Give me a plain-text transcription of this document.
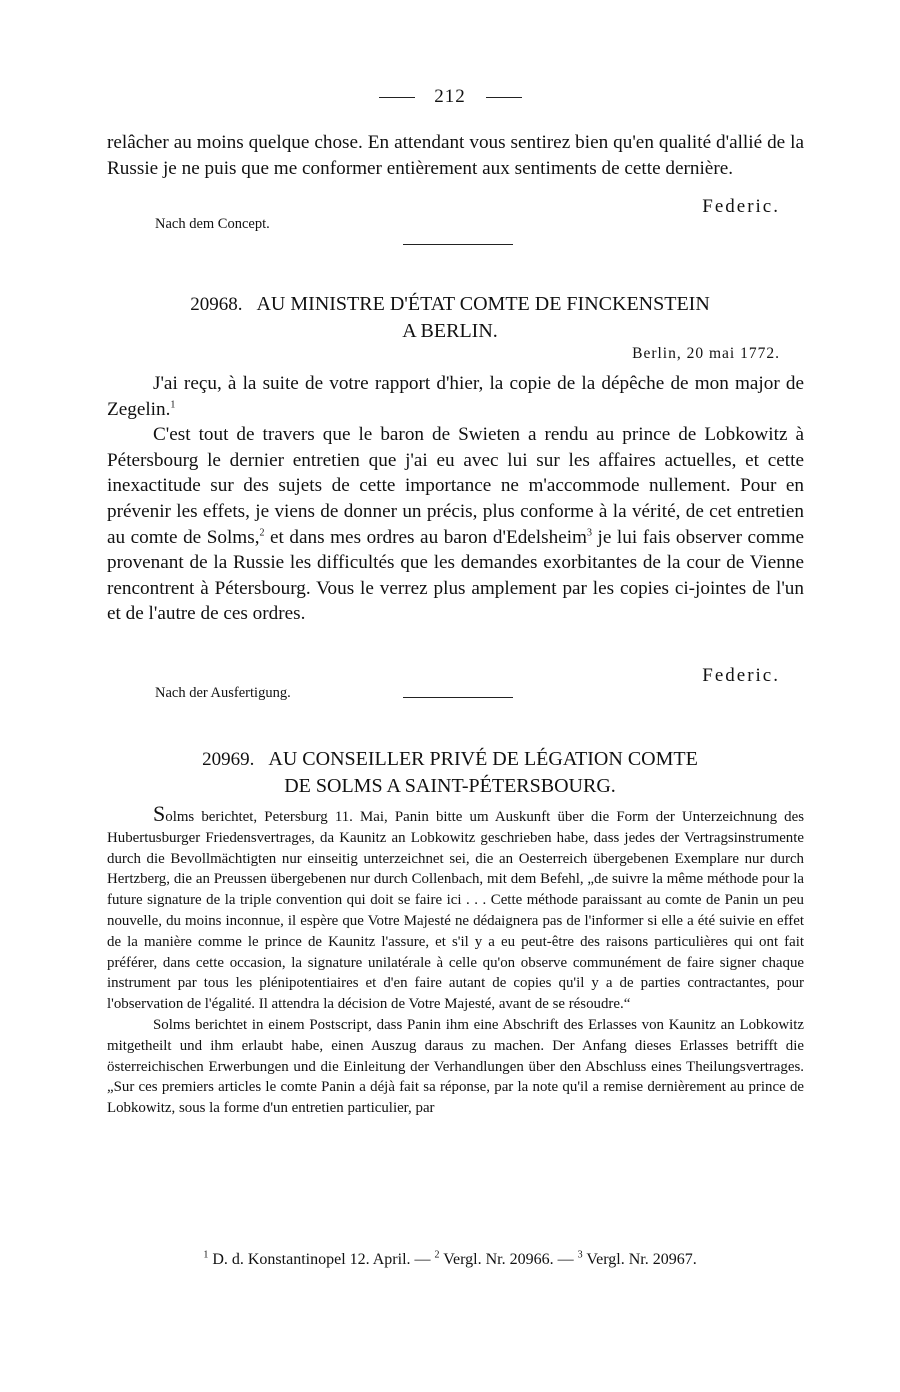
212

relâcher au moins quelque chose. En attendant vous sentirez bien qu'en qualité d'allié de la Russie je ne puis que me conformer entièrement aux sentiments de cette dernière.

Federic.
Nach dem Concept.
20968. AU MINISTRE D'ÉTAT COMTE DE FINCKENSTEIN
A BERLIN.
Berlin, 20 mai 1772.

J'ai reçu, à la suite de votre rapport d'hier, la copie de la dépêche de mon major de Zegelin.$^1$

C'est tout de travers que le baron de Swieten a rendu au prince de Lobkowitz à Pétersbourg le dernier entretien que j'ai eu avec lui sur les affaires actuelles, et cette inexactitude sur des sujets de cette importance ne m'accommode nullement. Pour en prévenir les effets, je viens de donner un précis, plus conforme à la vérité, de cet entretien au comte de Solms,$^2$ et dans mes ordres au baron d'Edelsheim$^3$ je lui fais observer comme provenant de la Russie les difficultés que les demandes exorbitantes de la cour de Vienne rencontrent à Pétersbourg. Vous le verrez plus amplement par les copies ci-jointes de l'un et de l'autre de ces ordres.

Federic.
Nach der Ausfertigung.
20969. AU CONSEILLER PRIVÉ DE LÉGATION COMTE
DE SOLMS A SAINT-PÉTERSBOURG.

Solms berichtet, Petersburg 11. Mai, Panin bitte um Auskunft über die Form der Unterzeichnung des Hubertusburger Friedensvertrages, da Kaunitz an Lobkowitz geschrieben habe, dass jedes der Vertragsinstrumente durch die Bevollmächtigten nur einseitig unterzeichnet sei, die an Oesterreich übergebenen Exemplare nur durch Hertzberg, die an Preussen übergebenen nur durch Collenbach, mit dem Befehl, „de suivre la même méthode pour la future signature de la triple convention qui doit se faire ici . . . Cette méthode paraissant au comte de Panin un peu nouvelle, du moins inconnue, il espère que Votre Majesté ne dédaignera pas de l'informer si elle a été suivie en effet de la manière comme le prince de Kaunitz l'assure, et s'il y a eu peut-être des raisons particulières qui ont fait préférer, dans cette occasion, la signature unilatérale à celle qu'on observe communément de faire signer chaque instrument par tous les plénipotentiaires et d'en faire autant de copies qu'il y a de parties contractantes, pour l'observation de l'égalité. Il attendra la décision de Votre Majesté, avant de se résoudre.“

Solms berichtet in einem Postscript, dass Panin ihm eine Abschrift des Erlasses von Kaunitz an Lobkowitz mitgetheilt und ihm erlaubt habe, einen Auszug daraus zu machen. Der Anfang dieses Erlasses betrifft die österreichischen Erwerbungen und die Einleitung der Verhandlungen über den Abschluss eines Theilungsvertrages. „Sur ces premiers articles le comte Panin a déjà fait sa réponse, par la note qu'il a remise dernièrement au prince de Lobkowitz, sous la forme d'un entretien particulier, par

$^1$ D. d. Konstantinopel 12. April. — $^2$ Vergl. Nr. 20966. — $^3$ Vergl. Nr. 20967.
